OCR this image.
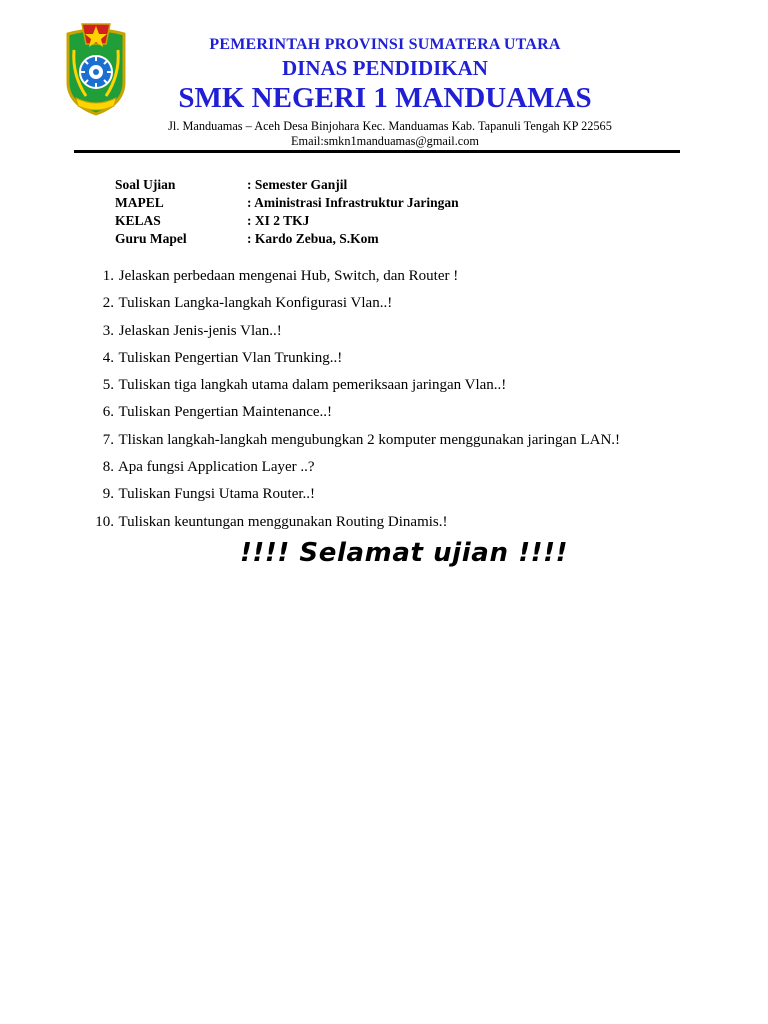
PEMERINTAH PROVINSI SUMATERA UTARA
DINAS PENDIDIKAN
SMK NEGERI 1 MANDUAMAS
Jl. Manduamas – Aceh Desa Binjohara Kec. Manduamas Kab. Tapanuli Tengah KP 22565
Email:smkn1manduamas@gmail.com
Soal Ujian	: Semester Ganjil
MAPEL	: Aministrasi Infrastruktur Jaringan
KELAS	: XI 2 TKJ
Guru Mapel	: Kardo Zebua, S.Kom
1. Jelaskan perbedaan mengenai Hub, Switch, dan Router !
2. Tuliskan Langka-langkah Konfigurasi Vlan..!
3. Jelaskan Jenis-jenis Vlan..!
4. Tuliskan Pengertian Vlan Trunking..!
5. Tuliskan tiga langkah utama dalam pemeriksaan jaringan Vlan..!
6. Tuliskan Pengertian Maintenance..!
7. Tliskan langkah-langkah mengubungkan 2 komputer menggunakan jaringan LAN.!
8. Apa fungsi Application Layer ..?
9. Tuliskan Fungsi Utama Router..!
10. Tuliskan keuntungan menggunakan Routing Dinamis.!
!!!! Selamat ujian !!!!
